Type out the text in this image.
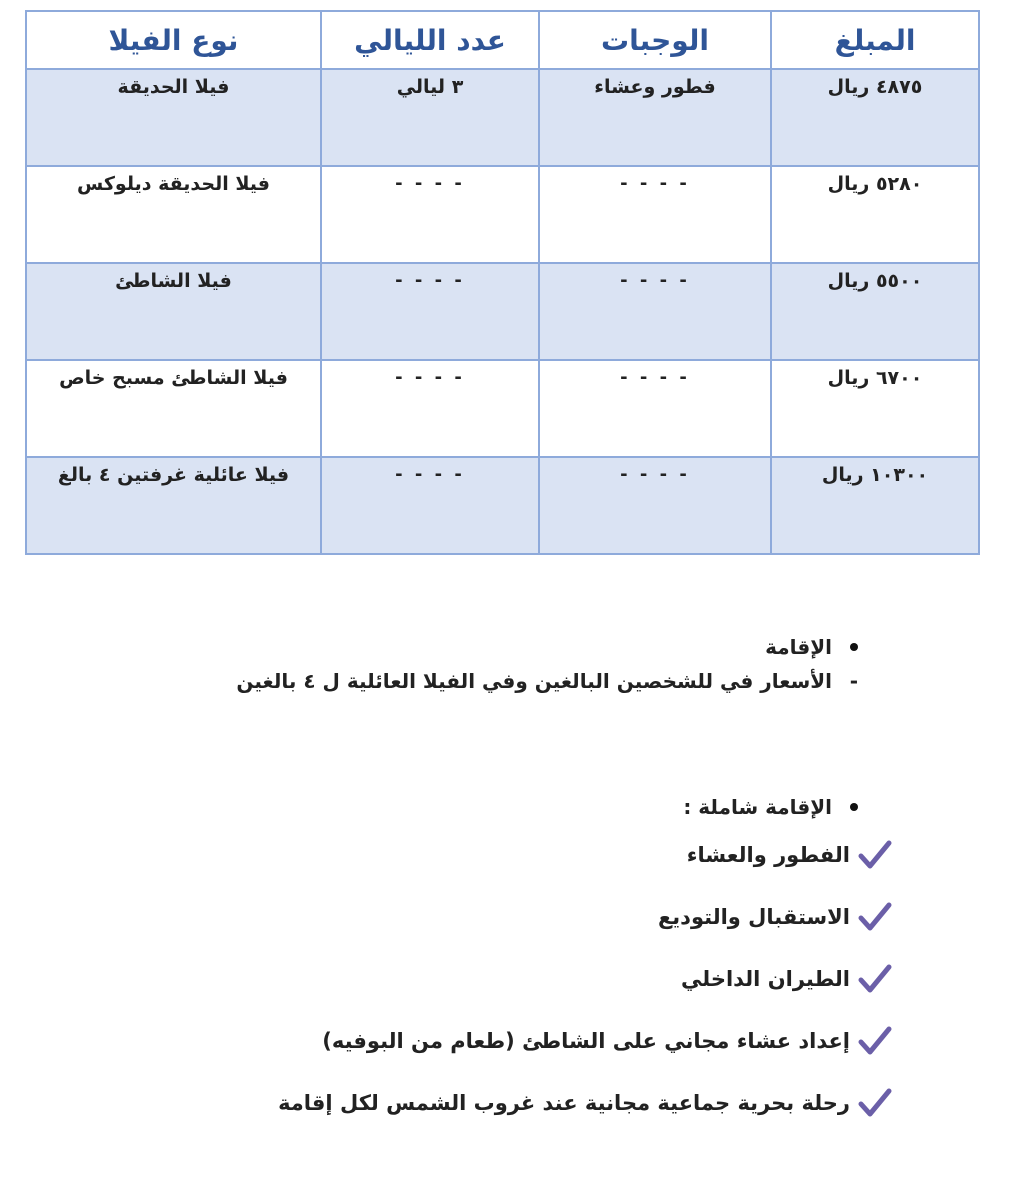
المبلغ	الوجبات	عدد الليالي	نوع الفيلا
٤٨٧٥ ريال	فطور وعشاء	٣ ليالي	فيلا الحديقة
٥٢٨٠ ريال	- - - -	- - - -	فيلا الحديقة ديلوكس
٥٥٠٠ ريال	- - - -	- - - -	فيلا الشاطئ
٦٧٠٠ ريال	- - - -	- - - -	فيلا الشاطئ مسبح خاص
١٠٣٠٠ ريال	- - - -	- - - -	فيلا عائلية غرفتين ٤ بالغ
الإقامة
-
الأسعار في للشخصين البالغين وفي الفيلا العائلية ل ٤ بالغين
الإقامة شاملة :
الفطور والعشاء
الاستقبال والتوديع
الطيران الداخلي
إعداد عشاء مجاني على الشاطئ (طعام من البوفيه)
رحلة بحرية جماعية مجانية عند غروب الشمس لكل إقامة
